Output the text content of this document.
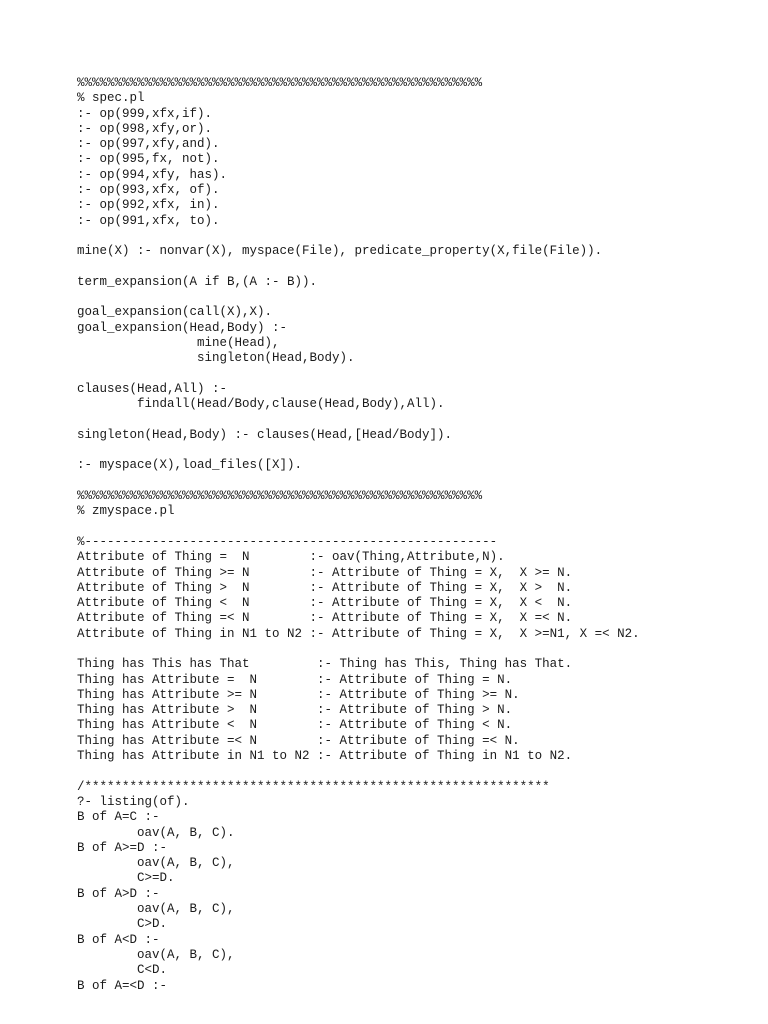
%%%%%%%%%%%%%%%%%%%%%%%%%%%%%%%%%%%%%%%%%%%%%%%%%%%%%%
% spec.pl
:- op(999,xfx,if).
:- op(998,xfy,or).
:- op(997,xfy,and).
:- op(995,fx, not).
:- op(994,xfy, has).
:- op(993,xfx, of).
:- op(992,xfx, in).
:- op(991,xfx, to).
mine(X) :- nonvar(X), myspace(File), predicate_property(X,file(File)).
term_expansion(A if B,(A :- B)).
goal_expansion(call(X),X).
goal_expansion(Head,Body) :-
mine(Head),
singleton(Head,Body).
clauses(Head,All) :-
findall(Head/Body,clause(Head,Body),All).
singleton(Head,Body) :- clauses(Head,[Head/Body]).
:- myspace(X),load_files([X]).
%%%%%%%%%%%%%%%%%%%%%%%%%%%%%%%%%%%%%%%%%%%%%%%%%%%%%%
% zmyspace.pl
%-------------------------------------------------------
Attribute of Thing =  N        :- oav(Thing,Attribute,N).
Attribute of Thing >= N        :- Attribute of Thing = X,  X >= N.
Attribute of Thing >  N        :- Attribute of Thing = X,  X >  N.
Attribute of Thing <  N        :- Attribute of Thing = X,  X <  N.
Attribute of Thing =< N        :- Attribute of Thing = X,  X =< N.
Attribute of Thing in N1 to N2 :- Attribute of Thing = X,  X >=N1, X =< N2.
Thing has This has That         :- Thing has This, Thing has That.
Thing has Attribute =  N        :- Attribute of Thing = N.
Thing has Attribute >= N        :- Attribute of Thing >= N.
Thing has Attribute >  N        :- Attribute of Thing > N.
Thing has Attribute <  N        :- Attribute of Thing < N.
Thing has Attribute =< N        :- Attribute of Thing =< N.
Thing has Attribute in N1 to N2 :- Attribute of Thing in N1 to N2.
/**************************************************************
?- listing(of).
B of A=C :-
oav(A, B, C).
B of A>=D :-
oav(A, B, C),
C>=D.
B of A>D :-
oav(A, B, C),
C>D.
B of A<D :-
oav(A, B, C),
C<D.
B of A=<D :-
